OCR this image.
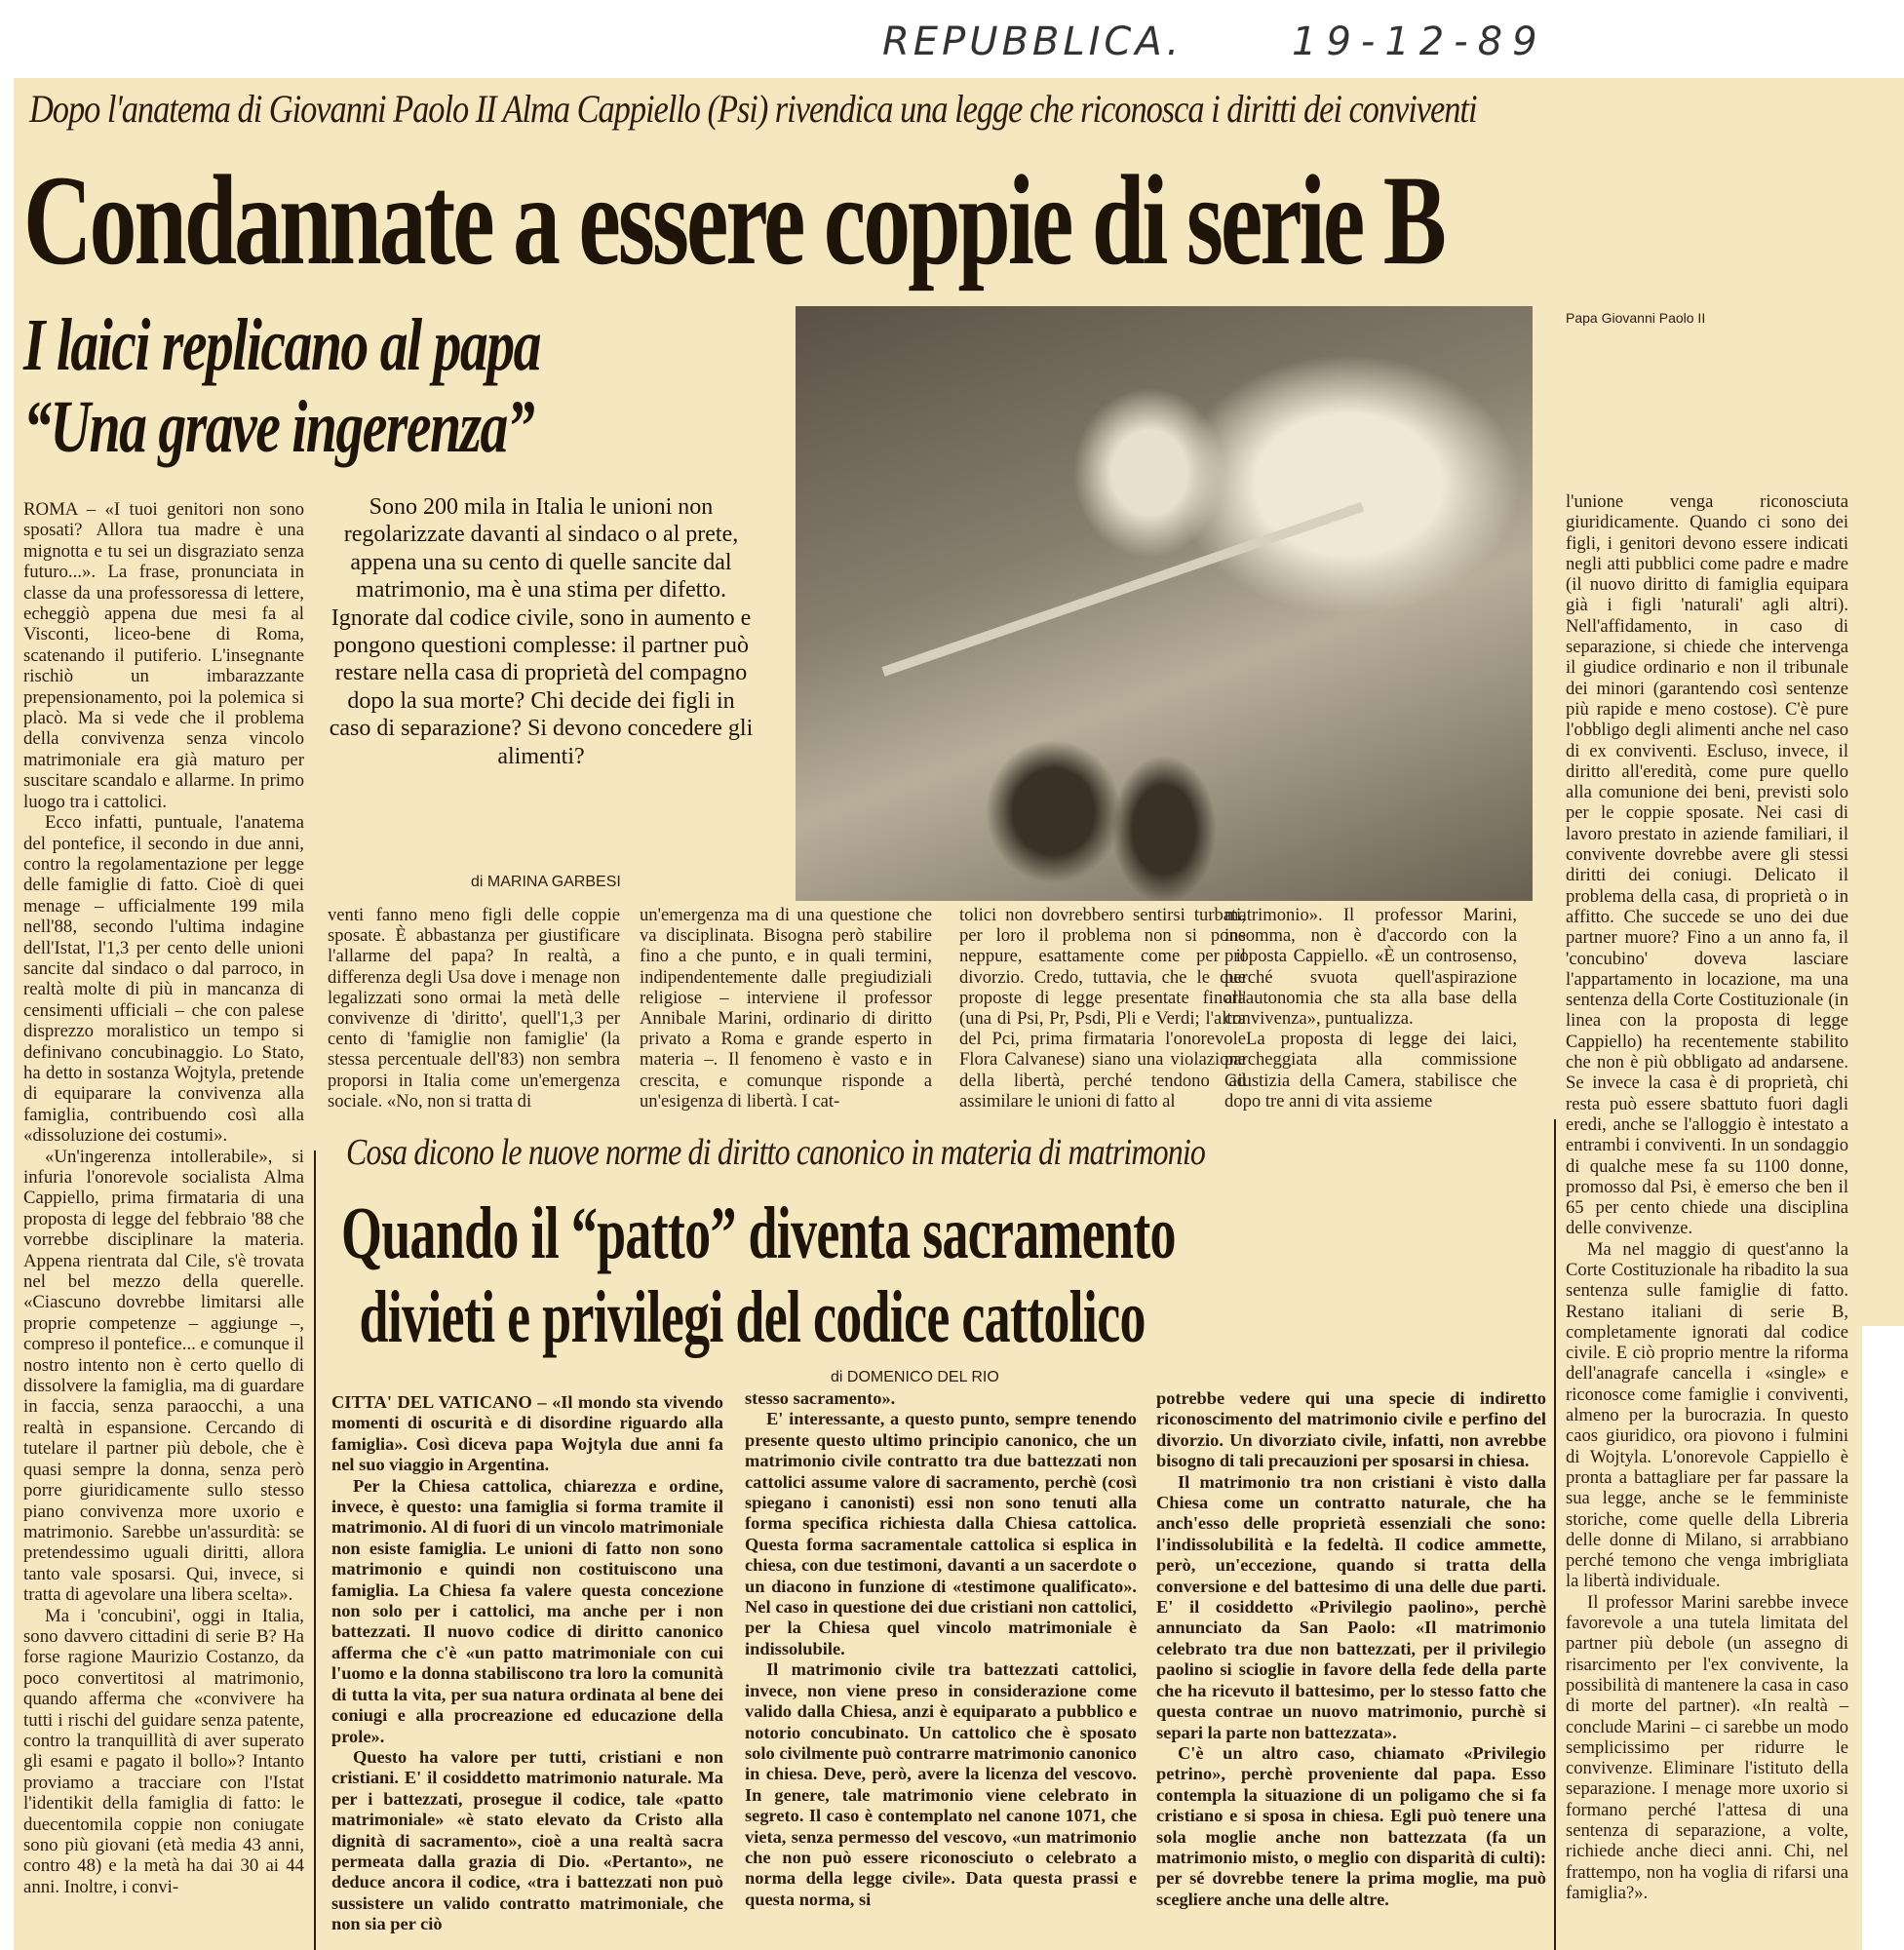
REPUBBLICA.	19-12-89
Dopo l'anatema di Giovanni Paolo II Alma Cappiello (Psi) rivendica una legge che riconosca i diritti dei conviventi
Condannate a essere coppie di serie B
I laici replicano al papa
“Una grave ingerenza”
Papa Giovanni Paolo II
Sono 200 mila in Italia le unioni non regolarizzate davanti al sindaco o al prete, appena una su cento di quelle sancite dal matrimonio, ma è una stima per difetto. Ignorate dal codice civile, sono in aumento e pongono questioni complesse: il partner può restare nella casa di proprietà del compagno dopo la sua morte? Chi decide dei figli in caso di separazione? Si devono concedere gli alimenti?
di MARINA GARBESI

ROMA – «I tuoi genitori non sono sposati? Allora tua madre è una mignotta e tu sei un disgraziato senza futuro...». La frase, pronunciata in classe da una professoressa di lettere, echeggiò appena due mesi fa al Visconti, liceo-bene di Roma, scatenando il putiferio. L'insegnante rischiò un imbarazzante prepensionamento, poi la polemica si placò. Ma si vede che il problema della convivenza senza vincolo matrimoniale era già maturo per suscitare scandalo e allarme. In primo luogo tra i cattolici.

Ecco infatti, puntuale, l'anatema del pontefice, il secondo in due anni, contro la regolamentazione per legge delle famiglie di fatto. Cioè di quei menage – ufficialmente 199 mila nell'88, secondo l'ultima indagine dell'Istat, l'1,3 per cento delle unioni sancite dal sindaco o dal parroco, in realtà molte di più in mancanza di censimenti ufficiali – che con palese disprezzo moralistico un tempo si definivano concubinaggio. Lo Stato, ha detto in sostanza Wojtyla, pretende di equiparare la convivenza alla famiglia, contribuendo così alla «dissoluzione dei costumi».

«Un'ingerenza intollerabile», si infuria l'onorevole socialista Alma Cappiello, prima firmataria di una proposta di legge del febbraio '88 che vorrebbe disciplinare la materia. Appena rientrata dal Cile, s'è trovata nel bel mezzo della querelle. «Ciascuno dovrebbe limitarsi alle proprie competenze – aggiunge –, compreso il pontefice... e comunque il nostro intento non è certo quello di dissolvere la famiglia, ma di guardare in faccia, senza paraocchi, a una realtà in espansione. Cercando di tutelare il partner più debole, che è quasi sempre la donna, senza però porre giuridicamente sullo stesso piano convivenza more uxorio e matrimonio. Sarebbe un'assurdità: se pretendessimo uguali diritti, allora tanto vale sposarsi. Qui, invece, si tratta di agevolare una libera scelta».

Ma i 'concubini', oggi in Italia, sono davvero cittadini di serie B? Ha forse ragione Maurizio Costanzo, da poco convertitosi al matrimonio, quando afferma che «convivere ha tutti i rischi del guidare senza patente, contro la tranquillità di aver superato gli esami e pagato il bollo»? Intanto proviamo a tracciare con l'Istat l'identikit della famiglia di fatto: le duecentomila coppie non coniugate sono più giovani (età media 43 anni, contro 48) e la metà ha dai 30 ai 44 anni. Inoltre, i convi-

venti fanno meno figli delle coppie sposate. È abbastanza per giustificare l'allarme del papa? In realtà, a differenza degli Usa dove i menage non legalizzati sono ormai la metà delle convivenze di 'diritto', quell'1,3 per cento di 'famiglie non famiglie' (la stessa percentuale dell'83) non sembra proporsi in Italia come un'emergenza sociale. «No, non si tratta di

un'emergenza ma di una questione che va disciplinata. Bisogna però stabilire fino a che punto, e in quali termini, indipendentemente dalle pregiudiziali religiose – interviene il professor Annibale Marini, ordinario di diritto privato a Roma e grande esperto in materia –. Il fenomeno è vasto e in crescita, e comunque risponde a un'esigenza di libertà. I cat-

tolici non dovrebbero sentirsi turbati, per loro il problema non si pone neppure, esattamente come per il divorzio. Credo, tuttavia, che le due proposte di legge presentate finora (una di Psi, Pr, Psdi, Pli e Verdi; l'altra del Pci, prima firmataria l'onorevole Flora Calvanese) siano una violazione della libertà, perché tendono ad assimilare le unioni di fatto al

matrimonio». Il professor Marini, insomma, non è d'accordo con la proposta Cappiello. «È un controsenso, perché svuota quell'aspirazione all'autonomia che sta alla base della convivenza», puntualizza.

La proposta di legge dei laici, parcheggiata alla commissione Giustizia della Camera, stabilisce che dopo tre anni di vita assieme

l'unione venga riconosciuta giuridicamente. Quando ci sono dei figli, i genitori devono essere indicati negli atti pubblici come padre e madre (il nuovo diritto di famiglia equipara già i figli 'naturali' agli altri). Nell'affidamento, in caso di separazione, si chiede che intervenga il giudice ordinario e non il tribunale dei minori (garantendo così sentenze più rapide e meno costose). C'è pure l'obbligo degli alimenti anche nel caso di ex conviventi. Escluso, invece, il diritto all'eredità, come pure quello alla comunione dei beni, previsti solo per le coppie sposate. Nei casi di lavoro prestato in aziende familiari, il convivente dovrebbe avere gli stessi diritti dei coniugi. Delicato il problema della casa, di proprietà o in affitto. Che succede se uno dei due partner muore? Fino a un anno fa, il 'concubino' doveva lasciare l'appartamento in locazione, ma una sentenza della Corte Costituzionale (in linea con la proposta di legge Cappiello) ha recentemente stabilito che non è più obbligato ad andarsene. Se invece la casa è di proprietà, chi resta può essere sbattuto fuori dagli eredi, anche se l'alloggio è intestato a entrambi i conviventi. In un sondaggio di qualche mese fa su 1100 donne, promosso dal Psi, è emerso che ben il 65 per cento chiede una disciplina delle convivenze.

Ma nel maggio di quest'anno la Corte Costituzionale ha ribadito la sua sentenza sulle famiglie di fatto. Restano italiani di serie B, completamente ignorati dal codice civile. E ciò proprio mentre la riforma dell'anagrafe cancella i «single» e riconosce come famiglie i conviventi, almeno per la burocrazia. In questo caos giuridico, ora piovono i fulmini di Wojtyla. L'onorevole Cappiello è pronta a battagliare per far passare la sua legge, anche se le femministe storiche, come quelle della Libreria delle donne di Milano, si arrabbiano perché temono che venga imbrigliata la libertà individuale.

Il professor Marini sarebbe invece favorevole a una tutela limitata del partner più debole (un assegno di risarcimento per l'ex convivente, la possibilità di mantenere la casa in caso di morte del partner). «In realtà – conclude Marini – ci sarebbe un modo semplicissimo per ridurre le convivenze. Eliminare l'istituto della separazione. I menage more uxorio si formano perché l'attesa di una sentenza di separazione, a volte, richiede anche dieci anni. Chi, nel frattempo, non ha voglia di rifarsi una famiglia?».

Cosa dicono le nuove norme di diritto canonico in materia di matrimonio
Quando il “patto” diventa sacramento
divieti e privilegi del codice cattolico
di DOMENICO DEL RIO

CITTA' DEL VATICANO – «Il mondo sta vivendo momenti di oscurità e di disordine riguardo alla famiglia». Così diceva papa Wojtyla due anni fa nel suo viaggio in Argentina.

Per la Chiesa cattolica, chiarezza e ordine, invece, è questo: una famiglia si forma tramite il matrimonio. Al di fuori di un vincolo matrimoniale non esiste famiglia. Le unioni di fatto non sono matrimonio e quindi non costituiscono una famiglia. La Chiesa fa valere questa concezione non solo per i cattolici, ma anche per i non battezzati. Il nuovo codice di diritto canonico afferma che c'è «un patto matrimoniale con cui l'uomo e la donna stabiliscono tra loro la comunità di tutta la vita, per sua natura ordinata al bene dei coniugi e alla procreazione ed educazione della prole».

Questo ha valore per tutti, cristiani e non cristiani. E' il cosiddetto matrimonio naturale. Ma per i battezzati, prosegue il codice, tale «patto matrimoniale» «è stato elevato da Cristo alla dignità di sacramento», cioè a una realtà sacra permeata dalla grazia di Dio. «Pertanto», ne deduce ancora il codice, «tra i battezzati non può sussistere un valido contratto matrimoniale, che non sia per ciò

stesso sacramento».

E' interessante, a questo punto, sempre tenendo presente questo ultimo principio canonico, che un matrimonio civile contratto tra due battezzati non cattolici assume valore di sacramento, perchè (così spiegano i canonisti) essi non sono tenuti alla forma specifica richiesta dalla Chiesa cattolica. Questa forma sacramentale cattolica si esplica in chiesa, con due testimoni, davanti a un sacerdote o un diacono in funzione di «testimone qualificato». Nel caso in questione dei due cristiani non cattolici, per la Chiesa quel vincolo matrimoniale è indissolubile.

Il matrimonio civile tra battezzati cattolici, invece, non viene preso in considerazione come valido dalla Chiesa, anzi è equiparato a pubblico e notorio concubinato. Un cattolico che è sposato solo civilmente può contrarre matrimonio canonico in chiesa. Deve, però, avere la licenza del vescovo. In genere, tale matrimonio viene celebrato in segreto. Il caso è contemplato nel canone 1071, che vieta, senza permesso del vescovo, «un matrimonio che non può essere riconosciuto o celebrato a norma della legge civile». Data questa prassi e questa norma, si

potrebbe vedere qui una specie di indiretto riconoscimento del matrimonio civile e perfino del divorzio. Un divorziato civile, infatti, non avrebbe bisogno di tali precauzioni per sposarsi in chiesa.

Il matrimonio tra non cristiani è visto dalla Chiesa come un contratto naturale, che ha anch'esso delle proprietà essenziali che sono: l'indissolubilità e la fedeltà. Il codice ammette, però, un'eccezione, quando si tratta della conversione e del battesimo di una delle due parti. E' il cosiddetto «Privilegio paolino», perchè annunciato da San Paolo: «Il matrimonio celebrato tra due non battezzati, per il privilegio paolino si scioglie in favore della fede della parte che ha ricevuto il battesimo, per lo stesso fatto che questa contrae un nuovo matrimonio, purchè si separi la parte non battezzata».

C'è un altro caso, chiamato «Privilegio petrino», perchè proveniente dal papa. Esso contempla la situazione di un poligamo che si fa cristiano e si sposa in chiesa. Egli può tenere una sola moglie anche non battezzata (fa un matrimonio misto, o meglio con disparità di culti): per sé dovrebbe tenere la prima moglie, ma può scegliere anche una delle altre.
